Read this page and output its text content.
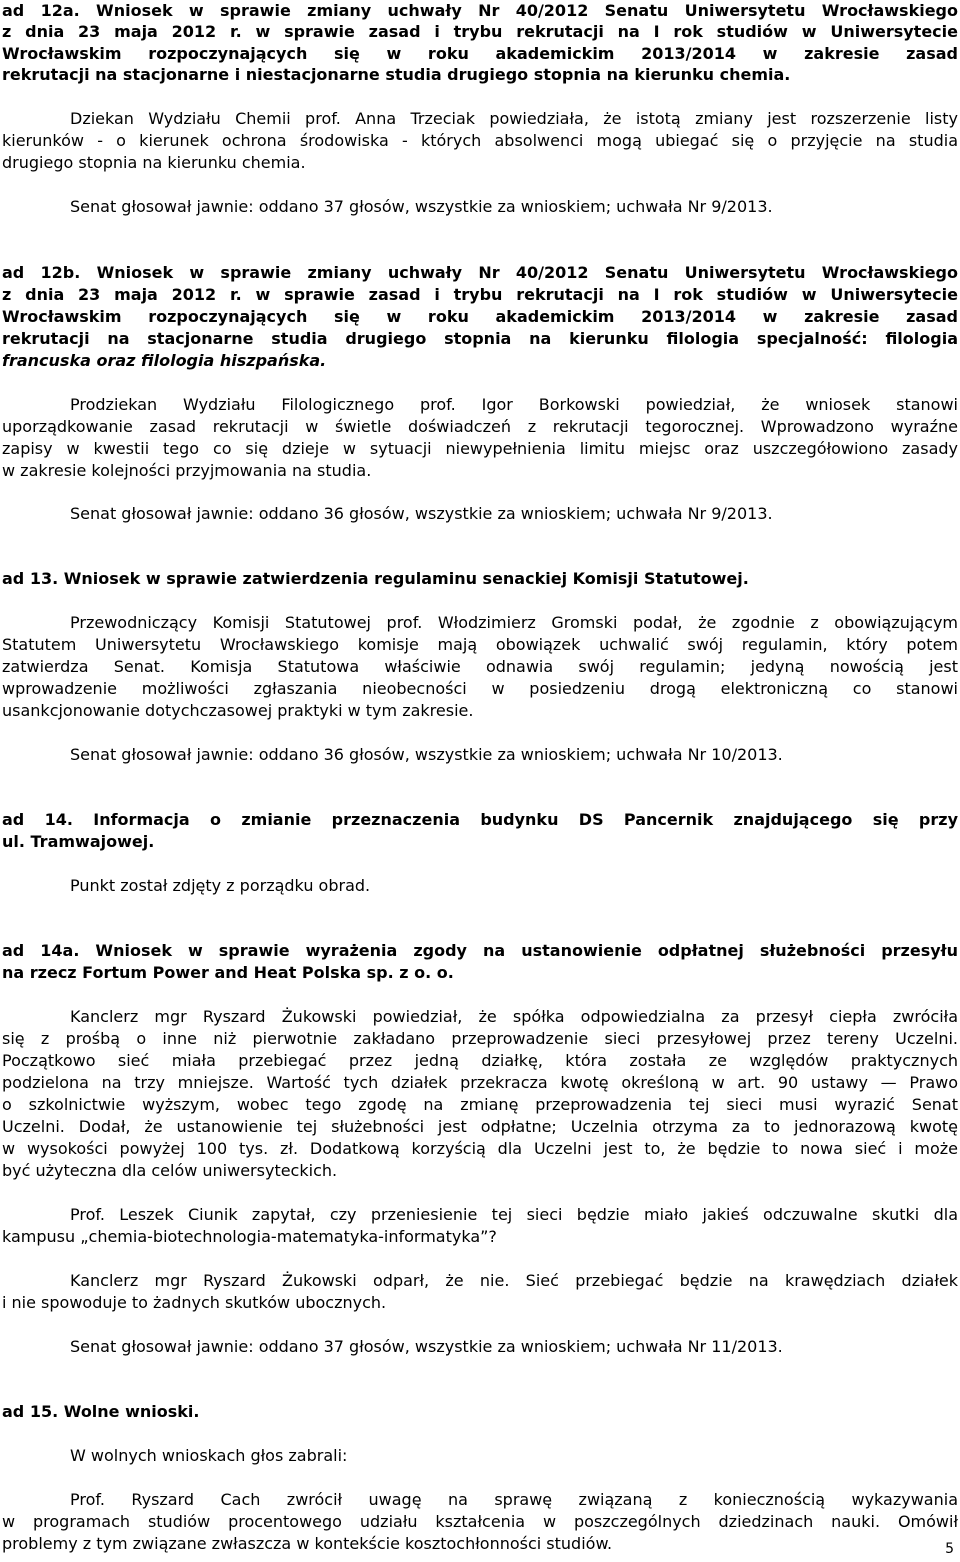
ad 12a. Wniosek w sprawie zmiany uchwały Nr 40/2012 Senatu Uniwersytetu Wrocławskiego
z dnia 23 maja 2012 r. w sprawie zasad i trybu rekrutacji na I rok studiów w Uniwersytecie
Wrocławskim rozpoczynających się w roku akademickim 2013/2014 w zakresie zasad
rekrutacji na stacjonarne i niestacjonarne studia drugiego stopnia na kierunku chemia.
Dziekan Wydziału Chemii prof. Anna Trzeciak powiedziała, że istotą zmiany jest rozszerzenie listy
kierunków - o kierunek ochrona środowiska - których absolwenci mogą ubiegać się o przyjęcie na studia
drugiego stopnia na kierunku chemia.
Senat głosował jawnie: oddano 37 głosów, wszystkie za wnioskiem; uchwała Nr 9/2013.
ad 12b. Wniosek w sprawie zmiany uchwały Nr 40/2012 Senatu Uniwersytetu Wrocławskiego
z dnia 23 maja 2012 r. w sprawie zasad i trybu rekrutacji na I rok studiów w Uniwersytecie
Wrocławskim rozpoczynających się w roku akademickim 2013/2014 w zakresie zasad
rekrutacji na stacjonarne studia drugiego stopnia na kierunku filologia specjalność: filologia
francuska oraz filologia hiszpańska.
Prodziekan Wydziału Filologicznego prof. Igor Borkowski powiedział, że wniosek stanowi
uporządkowanie zasad rekrutacji w świetle doświadczeń z rekrutacji tegorocznej. Wprowadzono wyraźne
zapisy w kwestii tego co się dzieje w sytuacji niewypełnienia limitu miejsc oraz uszczegółowiono zasady
w zakresie kolejności przyjmowania na studia.
Senat głosował jawnie: oddano 36 głosów, wszystkie za wnioskiem; uchwała Nr 9/2013.
ad 13. Wniosek w sprawie zatwierdzenia regulaminu senackiej Komisji Statutowej.
Przewodniczący Komisji Statutowej prof. Włodzimierz Gromski podał, że zgodnie z obowiązującym
Statutem Uniwersytetu Wrocławskiego komisje mają obowiązek uchwalić swój regulamin, który potem
zatwierdza Senat. Komisja Statutowa właściwie odnawia swój regulamin; jedyną nowością jest
wprowadzenie możliwości zgłaszania nieobecności w posiedzeniu drogą elektroniczną co stanowi
usankcjonowanie dotychczasowej praktyki w tym zakresie.
Senat głosował jawnie: oddano 36 głosów, wszystkie za wnioskiem; uchwała Nr 10/2013.
ad 14. Informacja o zmianie przeznaczenia budynku DS Pancernik znajdującego się przy
ul. Tramwajowej.
Punkt został zdjęty z porządku obrad.
ad 14a. Wniosek w sprawie wyrażenia zgody na ustanowienie odpłatnej służebności przesyłu
na rzecz Fortum Power and Heat Polska sp. z o. o.
Kanclerz mgr Ryszard Żukowski powiedział, że spółka odpowiedzialna za przesył ciepła zwróciła
się z prośbą o inne niż pierwotnie zakładano przeprowadzenie sieci przesyłowej przez tereny Uczelni.
Początkowo sieć miała przebiegać przez jedną działkę, która została ze względów praktycznych
podzielona na trzy mniejsze. Wartość tych działek przekracza kwotę określoną w art. 90 ustawy — Prawo
o szkolnictwie wyższym, wobec tego zgodę na zmianę przeprowadzenia tej sieci musi wyrazić Senat
Uczelni. Dodał, że ustanowienie tej służebności jest odpłatne; Uczelnia otrzyma za to jednorazową kwotę
w wysokości powyżej 100 tys. zł. Dodatkową korzyścią dla Uczelni jest to, że będzie to nowa sieć i może
być użyteczna dla celów uniwersyteckich.
Prof. Leszek Ciunik zapytał, czy przeniesienie tej sieci będzie miało jakieś odczuwalne skutki dla
kampusu „chemia-biotechnologia-matematyka-informatyka”?
Kanclerz mgr Ryszard Żukowski odparł, że nie. Sieć przebiegać będzie na krawędziach działek
i nie spowoduje to żadnych skutków ubocznych.
Senat głosował jawnie: oddano 37 głosów, wszystkie za wnioskiem; uchwała Nr 11/2013.
ad 15. Wolne wnioski.
W wolnych wnioskach głos zabrali:
Prof. Ryszard Cach zwrócił uwagę na sprawę związaną z koniecznością wykazywania
w programach studiów procentowego udziału kształcenia w poszczególnych dziedzinach nauki. Omówił
problemy z tym związane zwłaszcza w kontekście kosztochłonności studiów.	5
